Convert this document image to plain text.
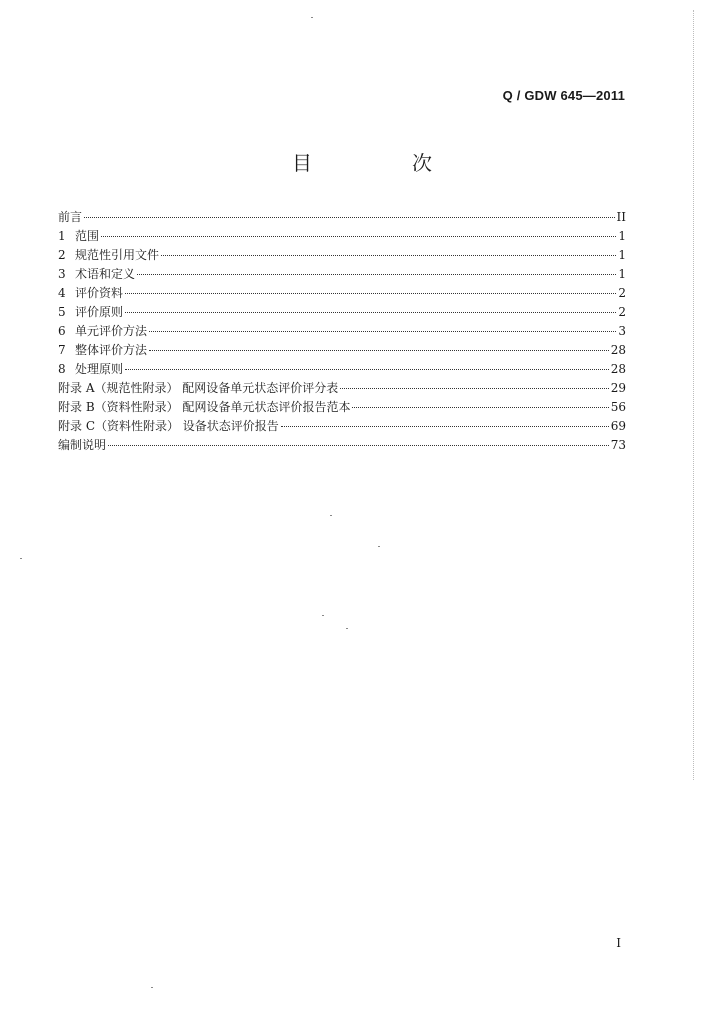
Q / GDW 645—2011
目　次
前言	II
1 范围	1
2 规范性引用文件	1
3 术语和定义	1
4 评价资料	2
5 评价原则	2
6 单元评价方法	3
7 整体评价方法	28
8 处理原则	28
附录 A（规范性附录） 配网设备单元状态评价评分表	29
附录 B（资料性附录） 配网设备单元状态评价报告范本	56
附录 C（资料性附录） 设备状态评价报告	69
编制说明	73
I
